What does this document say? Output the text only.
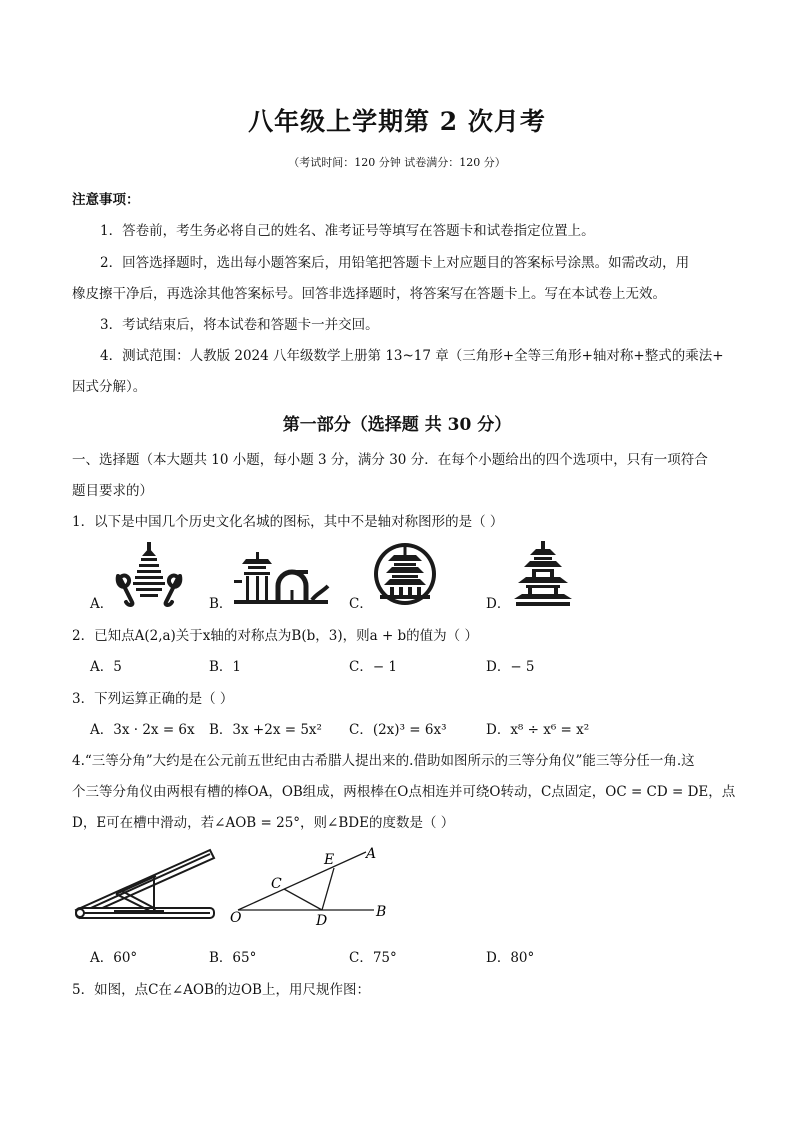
八年级上学期第 2 次月考
（考试时间：120 分钟 试卷满分：120 分）
注意事项：
1．答卷前，考生务必将自己的姓名、准考证号等填写在答题卡和试卷指定位置上。
2．回答选择题时，选出每小题答案后，用铅笔把答题卡上对应题目的答案标号涂黑。如需改动，用
橡皮擦干净后，再选涂其他答案标号。回答非选择题时，将答案写在答题卡上。写在本试卷上无效。
3．考试结束后，将本试卷和答题卡一并交回。
4．测试范围：人教版 2024 八年级数学上册第 13~17 章（三角形+全等三角形+轴对称+整式的乘法+
因式分解）。
第一部分（选择题 共 30 分）
一、选择题（本大题共 10 小题，每小题 3 分，满分 30 分．在每个小题给出的四个选项中，只有一项符合
题目要求的）
1．以下是中国几个历史文化名城的图标，其中不是轴对称图形的是（ ）
A．	B．	C．	D．
2．已知点A(2,a)关于x轴的对称点为B(b，3)，则a + b的值为（ ）
A．5	B．1	C．− 1	D．− 5
3．下列运算正确的是（ ）
A．3x · 2x = 6x B．3x +2x = 5x² C．(2x)³ = 6x³	D．x⁸ ÷ x⁶ = x²
4.“三等分角”大约是在公元前五世纪由古希腊人提出来的.借助如图所示的三等分角仪”能三等分任一角.这
个三等分角仪由两根有槽的棒OA，OB组成，两根棒在O点相连并可绕O转动，C点固定，OC = CD = DE，点
D，E可在槽中滑动，若∠AOB = 25°，则∠BDE的度数是（ ）
O
A
B
C
D
E
A．60°	B．65°	C．75°	D．80°
5．如图，点C在∠AOB的边OB上，用尺规作图：
